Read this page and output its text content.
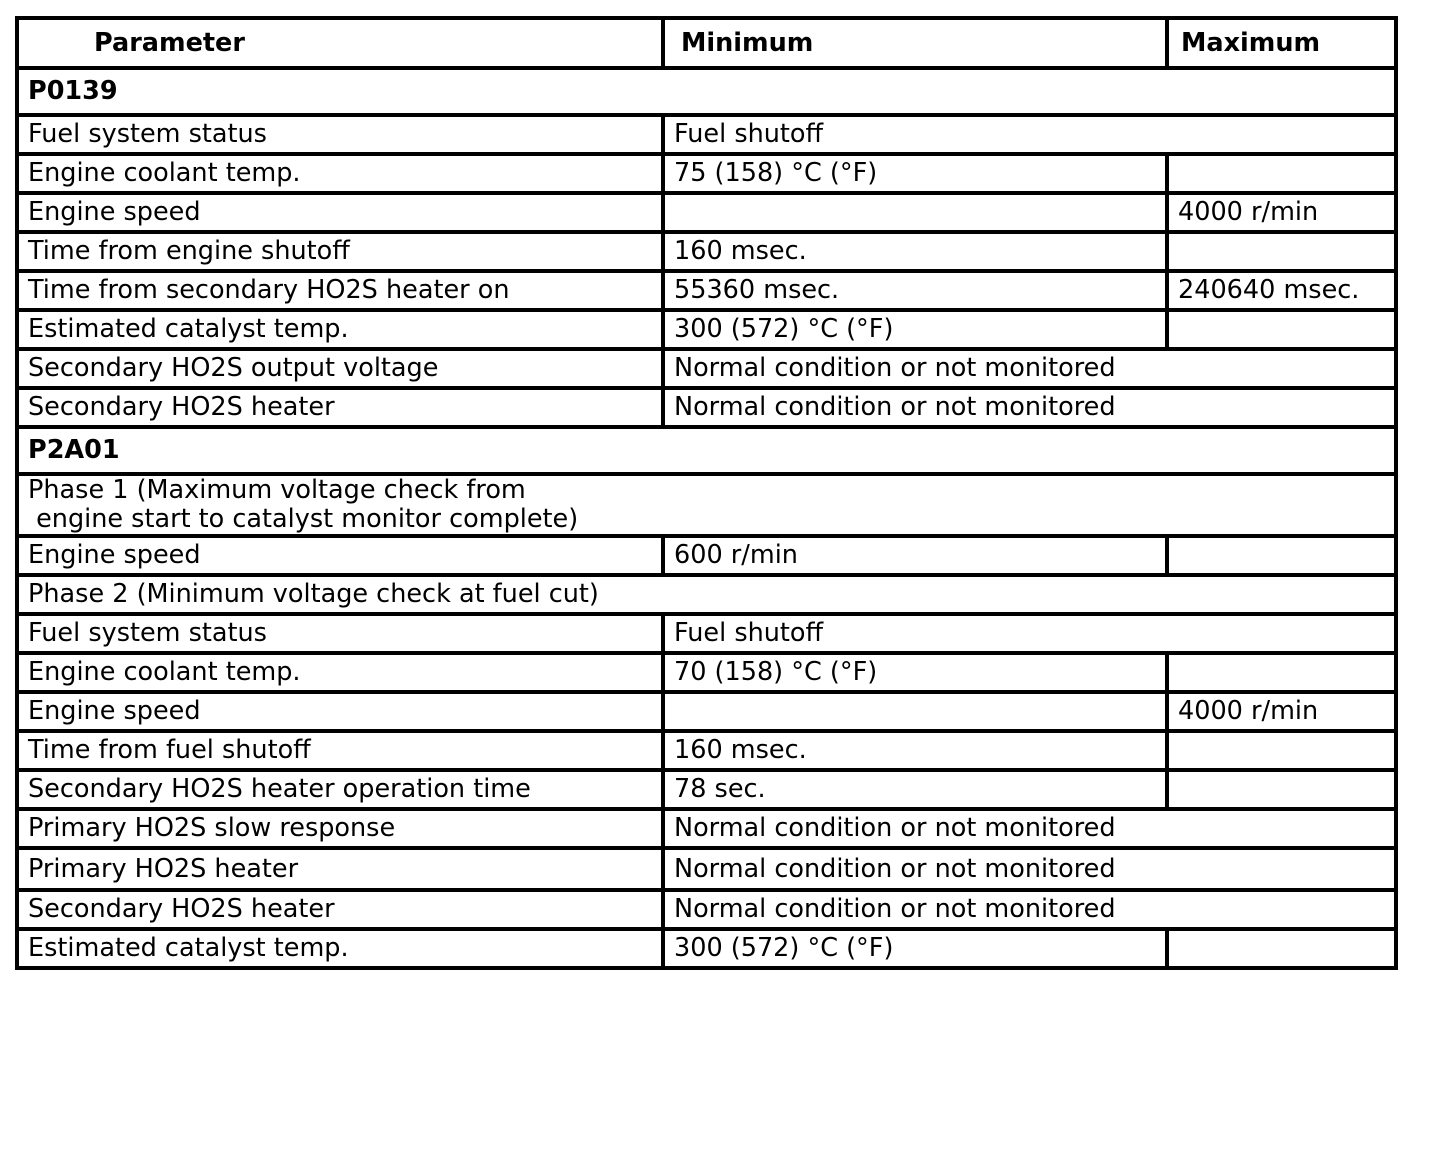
Parameter	Minimum	Maximum
P0139		
Fuel system status	Fuel shutoff	
Engine coolant temp.	75 (158) °C (°F)	
Engine speed		4000 r/min
Time from engine shutoff	160 msec.	
Time from secondary HO2S heater on	55360 msec.	240640 msec.
Estimated catalyst temp.	300 (572) °C (°F)	
Secondary HO2S output voltage	Normal condition or not monitored	
Secondary HO2S heater	Normal condition or not monitored	
P2A01		
Phase 1 (Maximum voltage check from
engine start to catalyst monitor complete)		
Engine speed	600 r/min	
Phase 2 (Minimum voltage check at fuel cut)		
Fuel system status	Fuel shutoff	
Engine coolant temp.	70 (158) °C (°F)	
Engine speed		4000 r/min
Time from fuel shutoff	160 msec.	
Secondary HO2S heater operation time	78 sec.	
Primary HO2S slow response	Normal condition or not monitored	
Primary HO2S heater	Normal condition or not monitored	
Secondary HO2S heater	Normal condition or not monitored	
Estimated catalyst temp.	300 (572) °C (°F)	
